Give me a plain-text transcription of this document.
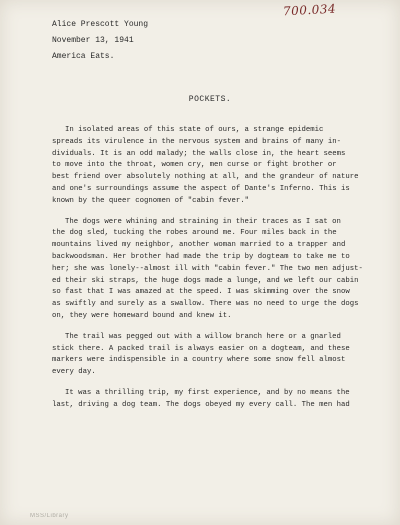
700.034
Alice Prescott Young
November 13, 1941
America Eats.
POCKETS.
In isolated areas of this state of ours, a strange epidemic
spreads its virulence in the nervous system and brains of many in-
dividuals. It is an odd malady; the walls close in, the heart seems
to move into the throat, women cry, men curse or fight brother or
best friend over absolutely nothing at all, and the grandeur of nature
and one's surroundings assume the aspect of Dante's Inferno. This is
known by the queer cognomen of "cabin fever."
The dogs were whining and straining in their traces as I sat on
the dog sled, tucking the robes around me. Four miles back in the
mountains lived my neighbor, another woman married to a trapper and
backwoodsman. Her brother had made the trip by dogteam to take me to
her; she was lonely--almost ill with "cabin fever." The two men adjust-
ed their ski straps, the huge dogs made a lunge, and we left our cabin
so fast that I was amazed at the speed. I was skimming over the snow
as swiftly and surely as a swallow. There was no need to urge the dogs
on, they were homeward bound and knew it.
The trail was pegged out with a willow branch here or a gnarled
stick there. A packed trail is always easier on a dogteam, and these
markers were indispensible in a country where some snow fell almost
every day.
It was a thrilling trip, my first experience, and by no means the
last, driving a dog team. The dogs obeyed my every call. The men had
MSS/Library
